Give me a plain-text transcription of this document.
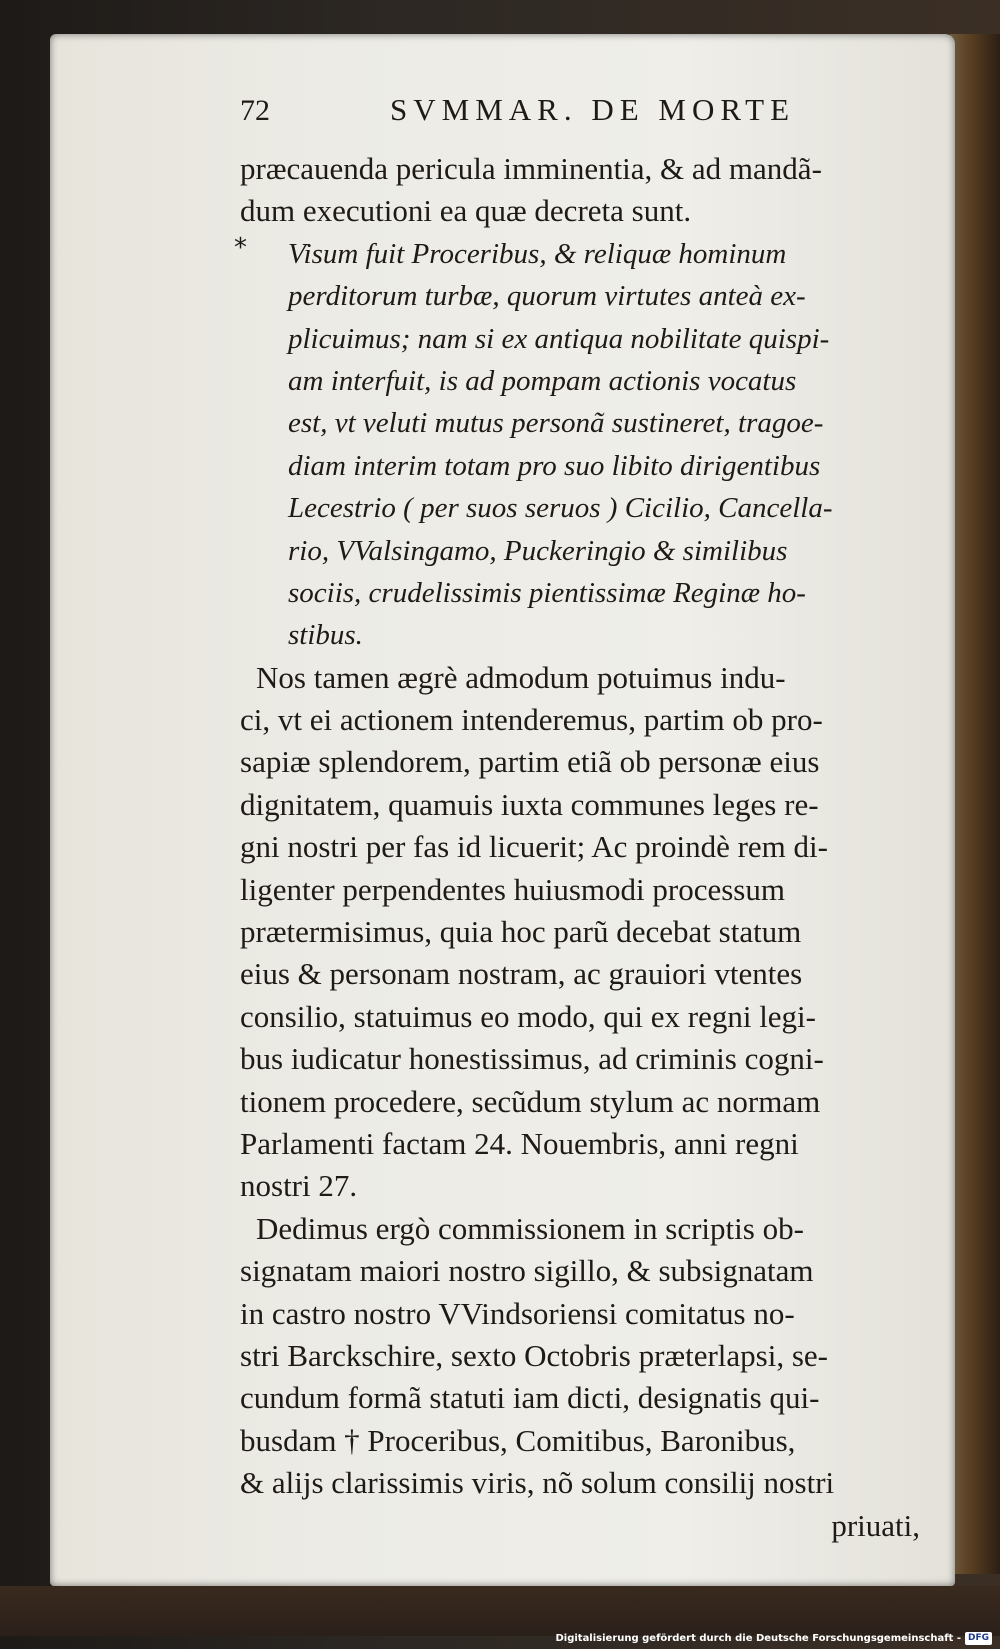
72	SVMMAR. DE MORTE
præcauenda pericula imminentia, & ad mandã-
dum executioni ea quæ decreta sunt.
*	Visum fuit Proceribus, & reliquæ hominum
perditorum turbæ, quorum virtutes anteà ex-
plicuimus; nam si ex antiqua nobilitate quispi-
am interfuit, is ad pompam actionis vocatus
est, vt veluti mutus personã sustineret, tragoe-
diam interim totam pro suo libito dirigentibus
Lecestrio ( per suos seruos ) Cicilio, Cancella-
rio, VValsingamo, Puckeringio & similibus
sociis, crudelissimis pientissimæ Reginæ ho-
stibus.
Nos tamen ægrè admodum potuimus indu-
ci, vt ei actionem intenderemus, partim ob pro-
sapiæ splendorem, partim etiã ob personæ eius
dignitatem, quamuis iuxta communes leges re-
gni nostri per fas id licuerit; Ac proindè rem di-
ligenter perpendentes huiusmodi processum
prætermisimus, quia hoc parũ decebat statum
eius & personam nostram, ac grauiori vtentes
consilio, statuimus eo modo, qui ex regni legi-
bus iudicatur honestissimus, ad criminis cogni-
tionem procedere, secũdum stylum ac normam
Parlamenti factam 24. Nouembris, anni regni
nostri 27.
Dedimus ergò commissionem in scriptis ob-
signatam maiori nostro sigillo, & subsignatam
in castro nostro VVindsoriensi comitatus no-
stri Barckschire, sexto Octobris præterlapsi, se-
cundum formã statuti iam dicti, designatis qui-
busdam † Proceribus, Comitibus, Baronibus,
& alijs clarissimis viris, nõ solum consilij nostri
priuati,
Digitalisierung gefördert durch die Deutsche Forschungsgemeinschaft - DFG
